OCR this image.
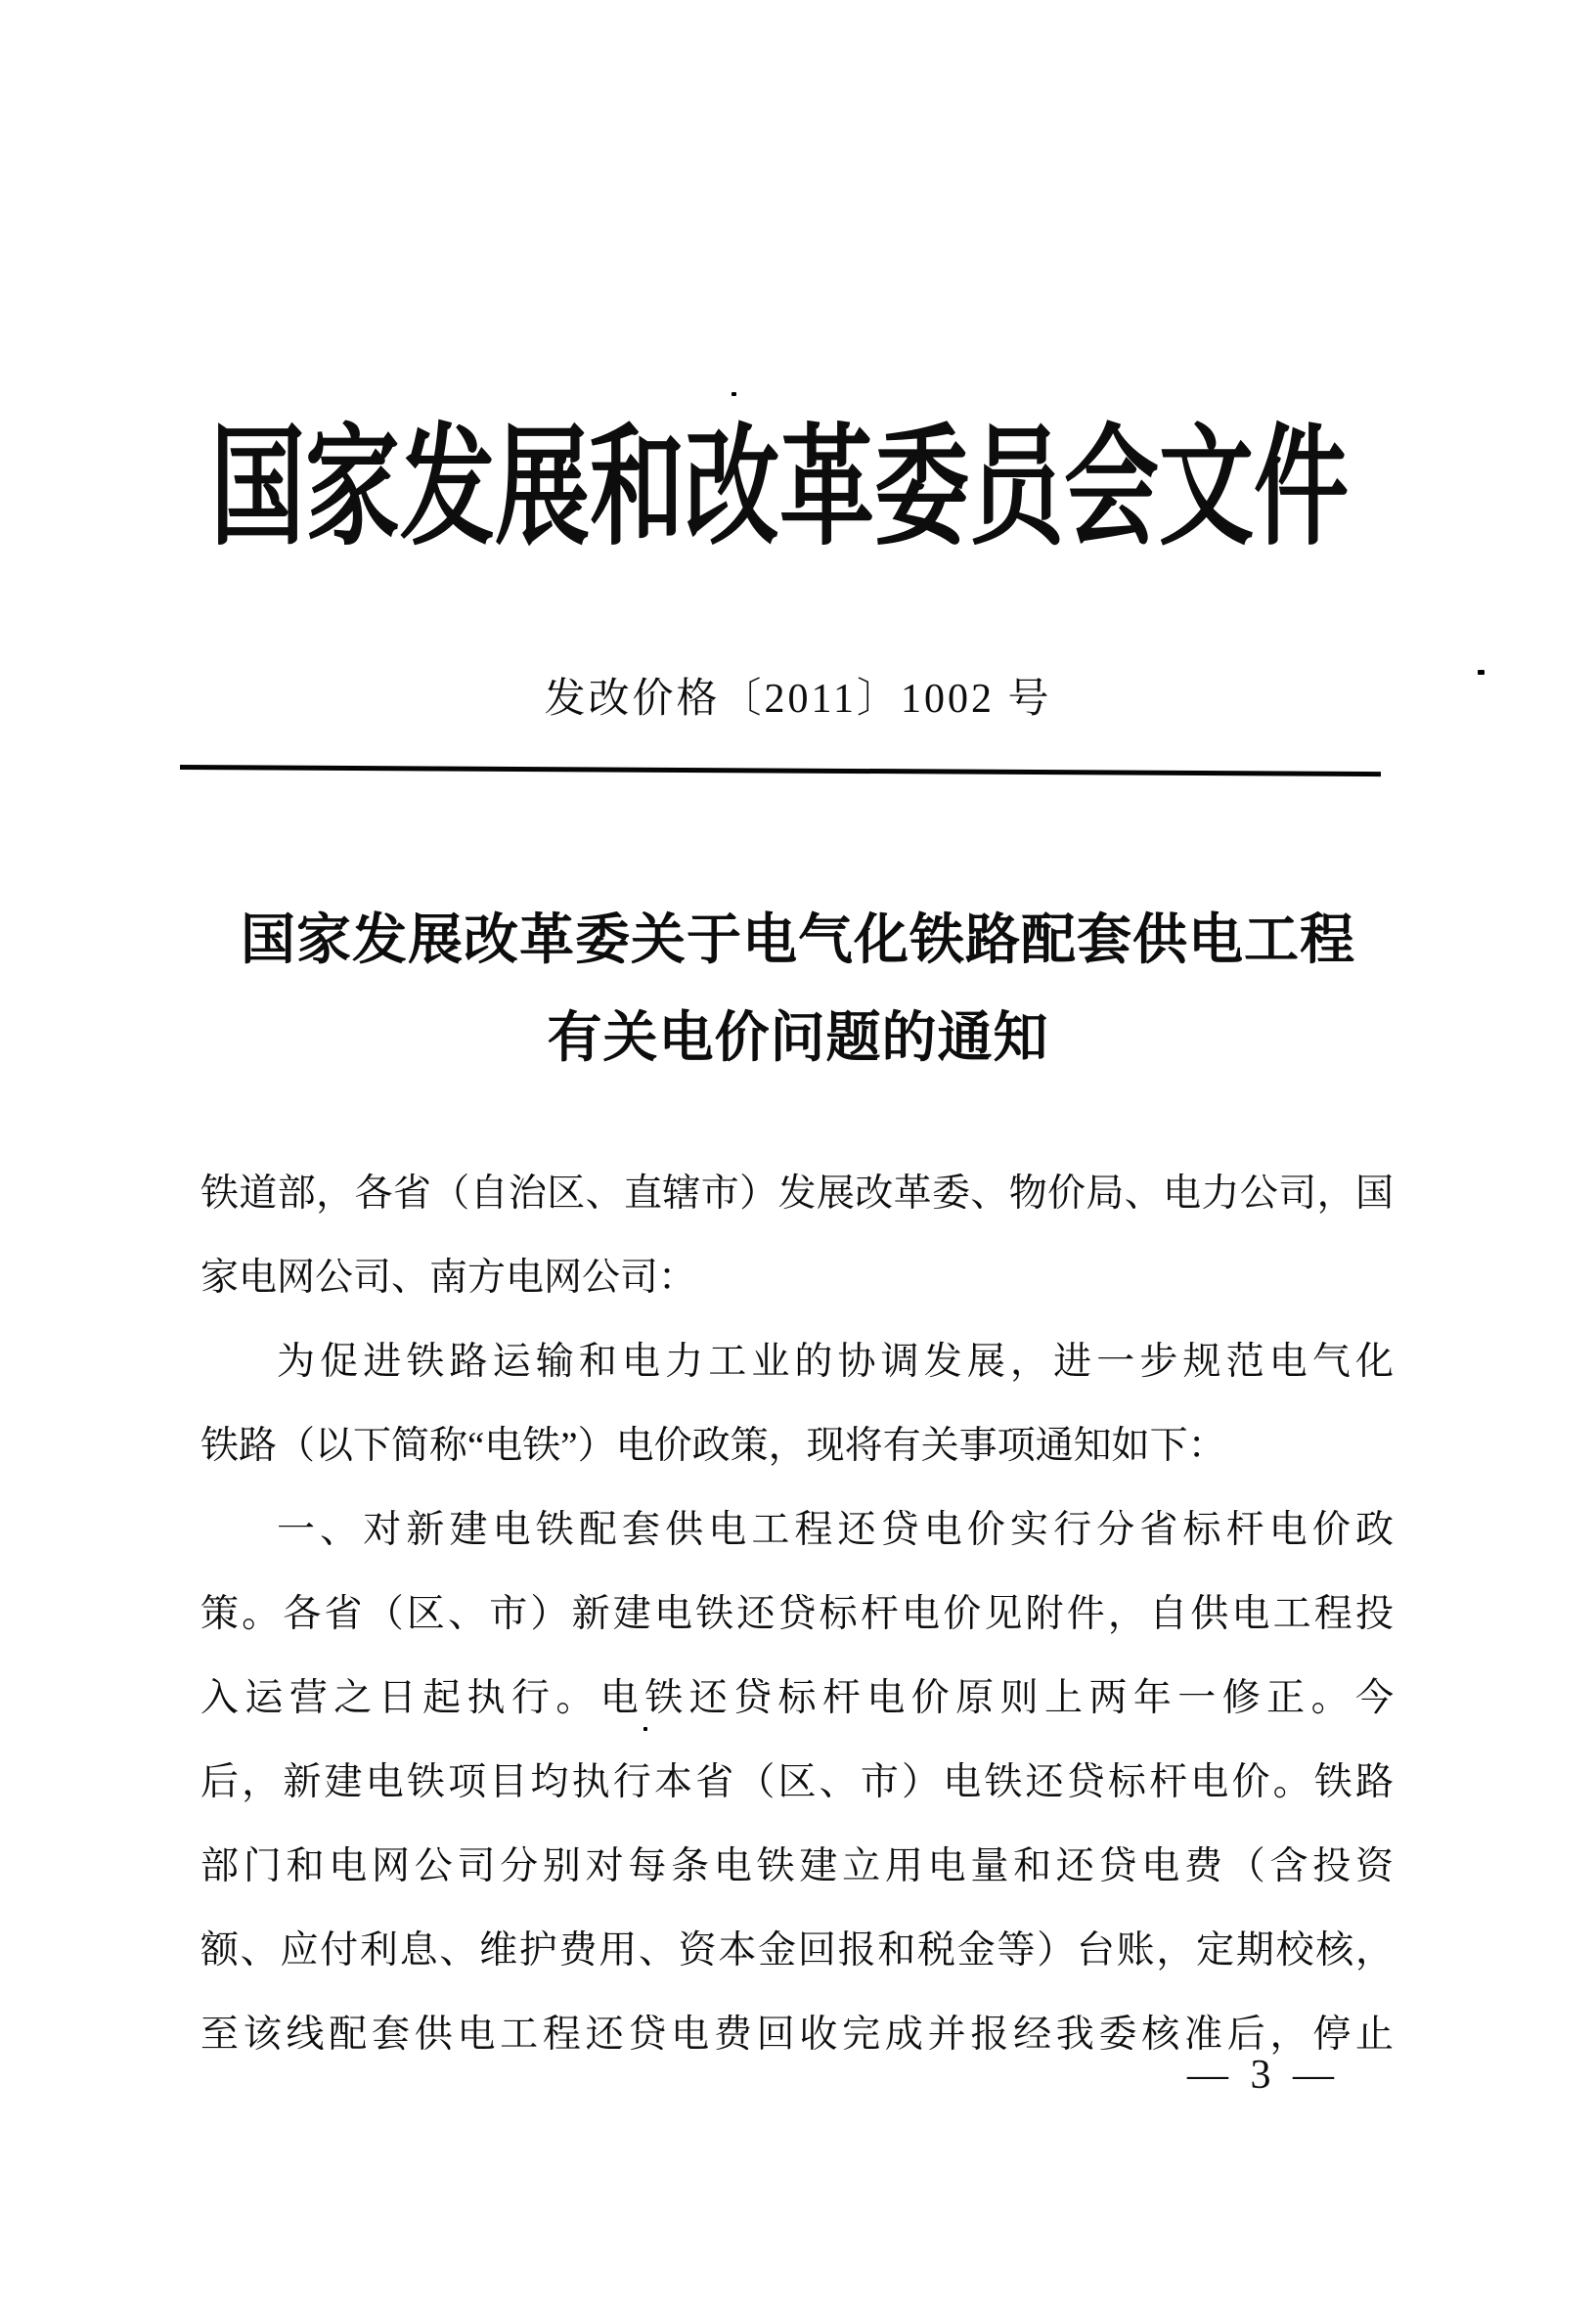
国家发展和改革委员会文件
发改价格〔2011〕1002 号
国家发展改革委关于电气化铁路配套供电工程
有关电价问题的通知
铁道部，各省（自治区、直辖市）发展改革委、物价局、电力公司，国
家电网公司、南方电网公司：
为促进铁路运输和电力工业的协调发展，进一步规范电气化
铁路（以下简称“电铁”）电价政策，现将有关事项通知如下：
一、对新建电铁配套供电工程还贷电价实行分省标杆电价政
策。各省（区、市）新建电铁还贷标杆电价见附件，自供电工程投
入运营之日起执行。电铁还贷标杆电价原则上两年一修正。今
后，新建电铁项目均执行本省（区、市）电铁还贷标杆电价。铁路
部门和电网公司分别对每条电铁建立用电量和还贷电费（含投资
额、应付利息、维护费用、资本金回报和税金等）台账，定期校核，
至该线配套供电工程还贷电费回收完成并报经我委核准后，停止
— 3 —
